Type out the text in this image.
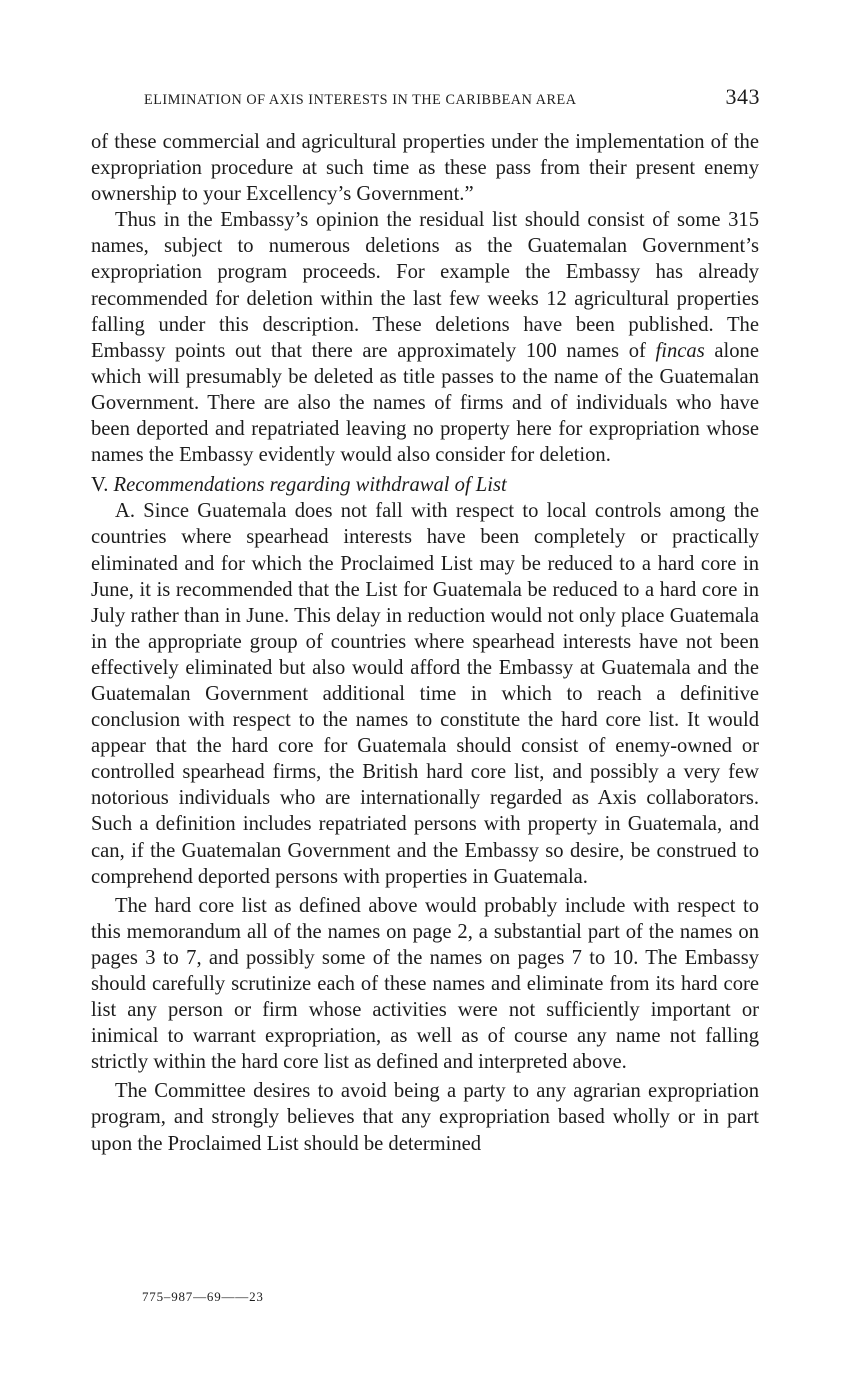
ELIMINATION OF AXIS INTERESTS IN THE CARIBBEAN AREA	343

of these commercial and agricultural properties under the implementation of the expropriation procedure at such time as these pass from their present enemy ownership to your Excellency’s Government.”

Thus in the Embassy’s opinion the residual list should consist of some 315 names, subject to numerous deletions as the Guatemalan Government’s expropriation program proceeds. For example the Embassy has already recommended for deletion within the last few weeks 12 agricultural properties falling under this description. These deletions have been published. The Embassy points out that there are approximately 100 names of fincas alone which will presumably be deleted as title passes to the name of the Guatemalan Government. There are also the names of firms and of individuals who have been deported and repatriated leaving no property here for expropriation whose names the Embassy evidently would also consider for deletion.

V. Recommendations regarding withdrawal of List

A. Since Guatemala does not fall with respect to local controls among the countries where spearhead interests have been completely or practically eliminated and for which the Proclaimed List may be reduced to a hard core in June, it is recommended that the List for Guatemala be reduced to a hard core in July rather than in June. This delay in reduction would not only place Guatemala in the appropriate group of countries where spearhead interests have not been effectively eliminated but also would afford the Embassy at Guatemala and the Guatemalan Government additional time in which to reach a definitive conclusion with respect to the names to constitute the hard core list. It would appear that the hard core for Guatemala should consist of enemy-owned or controlled spearhead firms, the British hard core list, and possibly a very few notorious individuals who are internationally regarded as Axis collaborators. Such a definition includes repatriated persons with property in Guatemala, and can, if the Guatemalan Government and the Embassy so desire, be construed to comprehend deported persons with properties in Guatemala.

The hard core list as defined above would probably include with respect to this memorandum all of the names on page 2, a substantial part of the names on pages 3 to 7, and possibly some of the names on pages 7 to 10. The Embassy should carefully scrutinize each of these names and eliminate from its hard core list any person or firm whose activities were not sufficiently important or inimical to warrant expropriation, as well as of course any name not falling strictly within the hard core list as defined and interpreted above.

The Committee desires to avoid being a party to any agrarian expropriation program, and strongly believes that any expropriation based wholly or in part upon the Proclaimed List should be determined

775–987—69——23
